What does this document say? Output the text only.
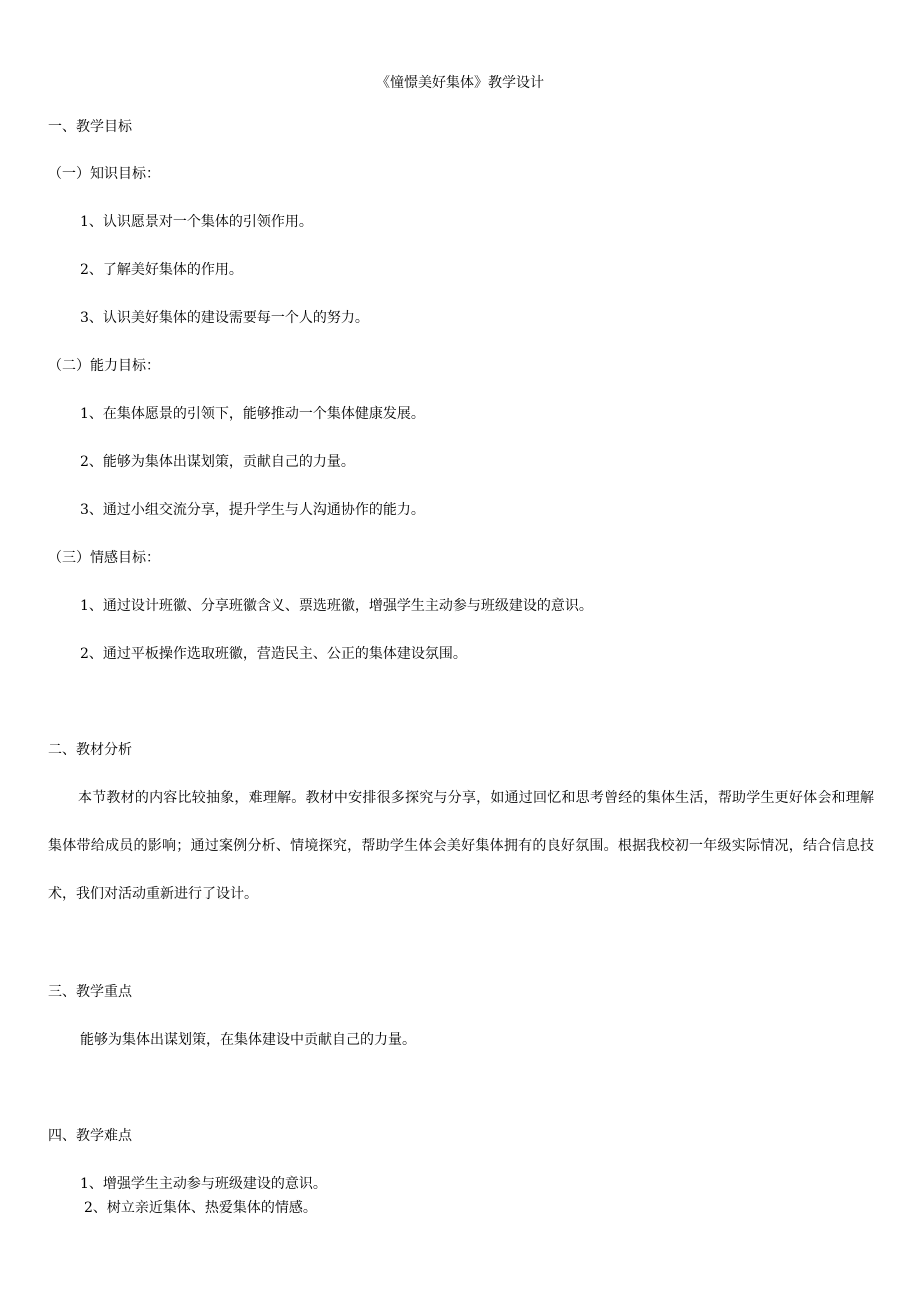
《憧憬美好集体》教学设计
一、教学目标
（一）知识目标：
1、认识愿景对一个集体的引领作用。
2、了解美好集体的作用。
3、认识美好集体的建设需要每一个人的努力。
（二）能力目标：
1、在集体愿景的引领下，能够推动一个集体健康发展。
2、能够为集体出谋划策，贡献自己的力量。
3、通过小组交流分享，提升学生与人沟通协作的能力。
（三）情感目标：
1、通过设计班徽、分享班徽含义、票选班徽，增强学生主动参与班级建设的意识。
2、通过平板操作选取班徽，营造民主、公正的集体建设氛围。
二、教材分析
本节教材的内容比较抽象，难理解。教材中安排很多探究与分享，如通过回忆和思考曾经的集体生活，帮助学生更好体会和理解集体带给成员的影响；通过案例分析、情境探究，帮助学生体会美好集体拥有的良好氛围。根据我校初一年级实际情况，结合信息技术，我们对活动重新进行了设计。
三、教学重点
能够为集体出谋划策，在集体建设中贡献自己的力量。
四、教学难点
1、增强学生主动参与班级建设的意识。
2、树立亲近集体、热爱集体的情感。
